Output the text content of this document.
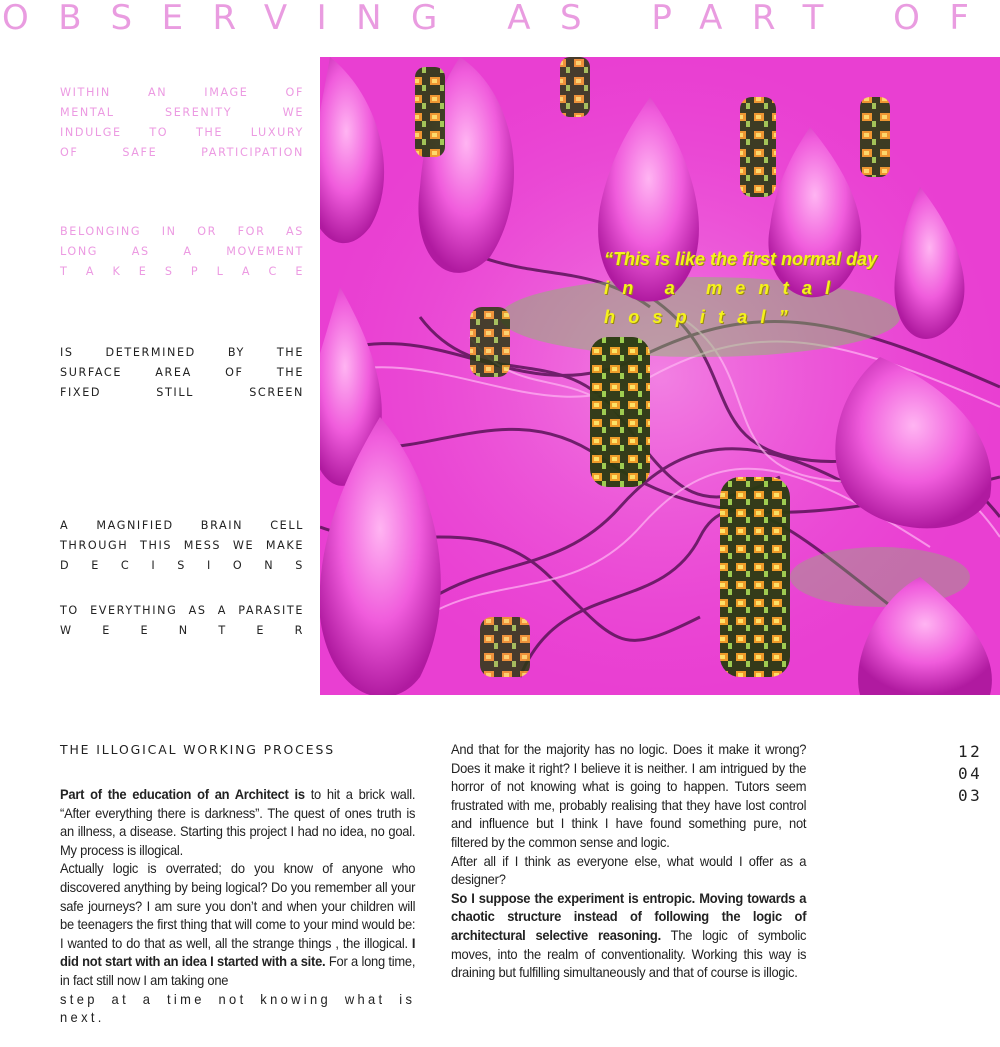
OBSERVING AS PART OF

WITHIN AN IMAGE OF
MENTAL SERENITY WE
INDULGE TO THE LUXURY
OF SAFE PARTICIPATION

BELONGING IN OR FOR AS
LONG AS A MOVEMENT
T A K E S P L A C E

IS DETERMINED BY THE
SURFACE AREA OF THE
FIXED STILL SCREEN

A MAGNIFIED BRAIN CELL
THROUGH THIS MESS WE MAKE
D E C I S I O N S

TO EVERYTHING AS A PARASITE
W E E N T E R

“This is like the first normal day
in a mental hospital”

THE ILLOGICAL WORKING PROCESS

Part of the education of an Architect is to hit a brick wall. “After everything there is darkness”. The quest of ones truth is an illness, a disease. Starting this project I had no idea, no goal. My process is illogical.

Actually logic is overrated; do you know of anyone who discovered anything by being logical? Do you remember all your safe journeys? I am sure you don’t and when your children will be teenagers the first thing that will come to your mind would be: I wanted to do that as well, all the strange things , the illogical. I did not start with an idea I started with a site. For a long time, in fact still now I am taking one
step at a time not knowing what is next.

And that for the majority has no logic. Does it make it wrong? Does it make it right? I believe it is neither. I am intrigued by the horror of not knowing what is going to happen. Tutors seem frustrated with me, probably realising that they have lost control and influence but I think I have found something pure, not filtered by the common sense and logic.

After all if I think as everyone else, what would I offer as a designer?

So I suppose the experiment is entropic. Moving towards a chaotic structure instead of following the logic of architectural selective reasoning. The logic of symbolic moves, into the realm of conventionality. Working this way is draining but fulfilling simultaneously and that of course is illogic.

12
04
03
